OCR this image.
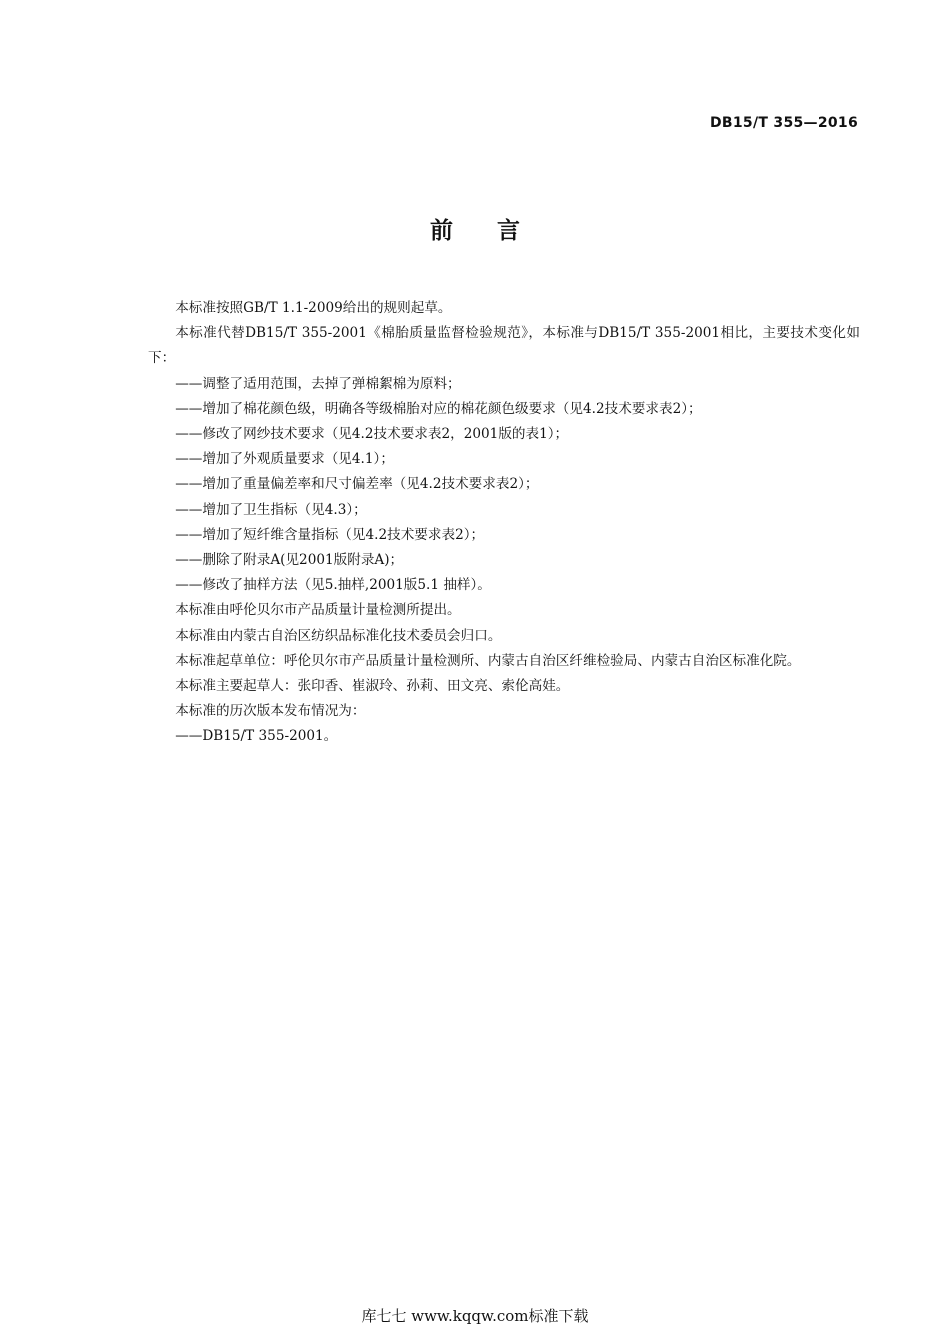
DB15/T 355—2016
前 言

本标准按照GB/T 1.1-2009给出的规则起草。

本标准代替DB15/T 355-2001《棉胎质量监督检验规范》，本标准与DB15/T 355-2001相比，主要技术变化如下：

——调整了适用范围，去掉了弹棉絮棉为原料；

——增加了棉花颜色级，明确各等级棉胎对应的棉花颜色级要求（见4.2技术要求表2）；

——修改了网纱技术要求（见4.2技术要求表2，2001版的表1）；

——增加了外观质量要求（见4.1）；

——增加了重量偏差率和尺寸偏差率（见4.2技术要求表2）；

——增加了卫生指标（见4.3）；

——增加了短纤维含量指标（见4.2技术要求表2）；

——删除了附录A(见2001版附录A)；

——修改了抽样方法（见5.抽样,2001版5.1 抽样）。

本标准由呼伦贝尔市产品质量计量检测所提出。

本标准由内蒙古自治区纺织品标准化技术委员会归口。

本标准起草单位：呼伦贝尔市产品质量计量检测所、内蒙古自治区纤维检验局、内蒙古自治区标准化院。

本标准主要起草人：张印香、崔淑玲、孙莉、田文亮、索伦高娃。

本标准的历次版本发布情况为：

——DB15/T 355-2001。

库七七 www.kqqw.com标准下载
